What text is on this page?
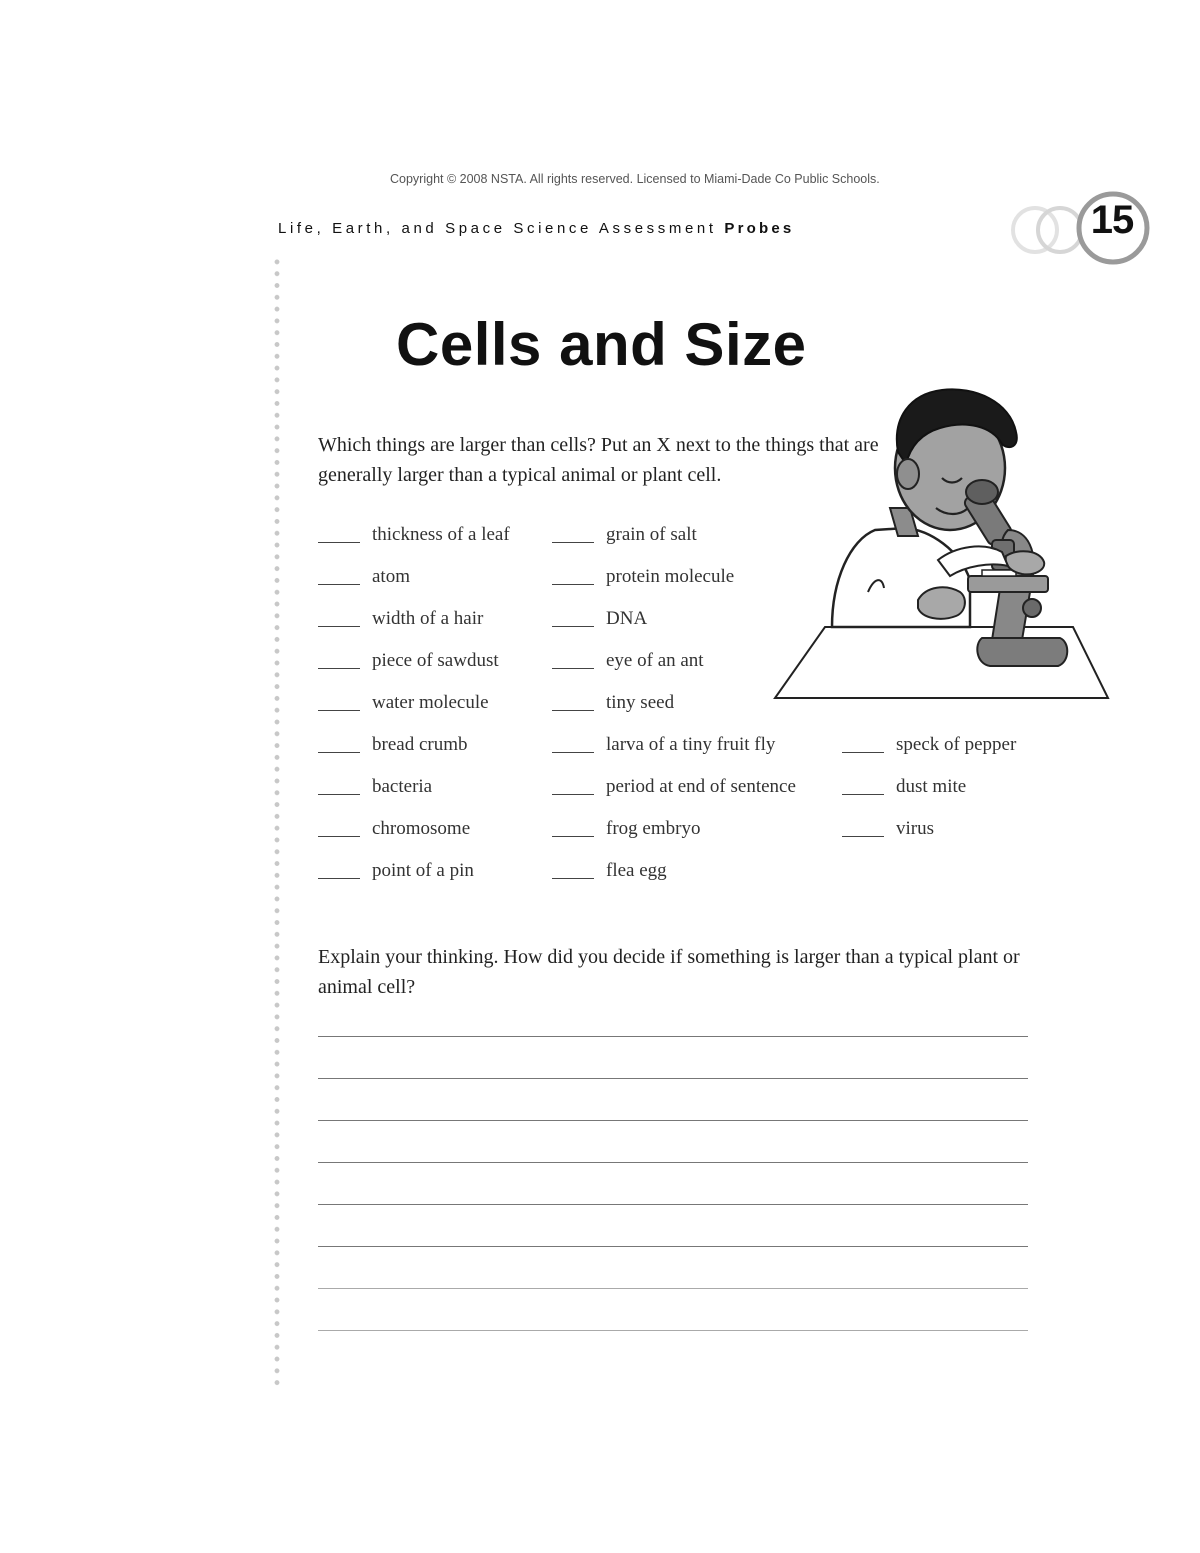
Copyright © 2008 NSTA. All rights reserved. Licensed to Miami-Dade Co Public Schools.
Life, Earth, and Space Science Assessment Probes	15
Cells and Size
Which things are larger than cells? Put an X next to the things that are generally larger than a typical animal or plant cell.
thickness of a leaf
atom
width of a hair
piece of sawdust
water molecule
bread crumb
bacteria
chromosome
point of a pin
grain of salt
protein molecule
DNA
eye of an ant
tiny seed
larva of a tiny fruit fly
period at end of sentence
frog embryo
flea egg
speck of pepper
dust mite
virus
Explain your thinking. How did you decide if something is larger than a typical plant or animal cell?
